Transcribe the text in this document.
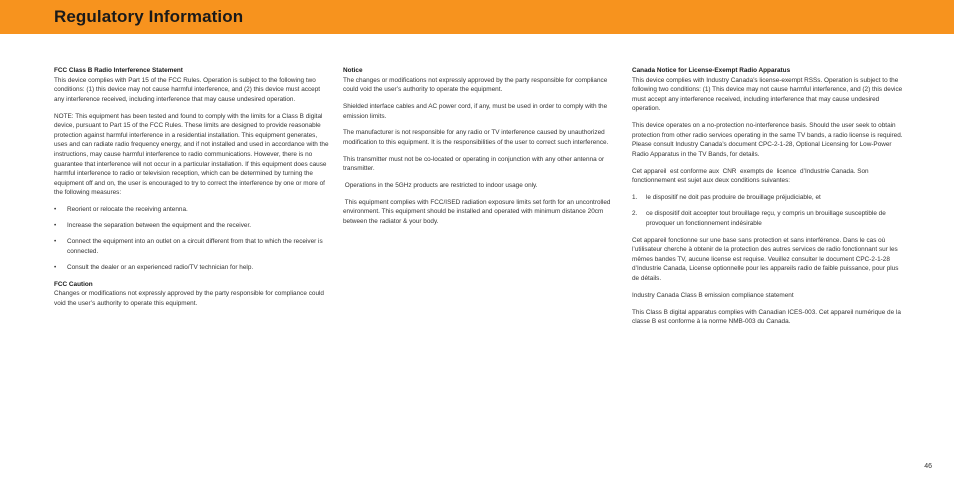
Regulatory Information
FCC Class B Radio Interference Statement

This device complies with Part 15 of the FCC Rules. Operation is subject to the following two conditions: (1) this device may not cause harmful interference, and (2) this device must accept any interference received, including interference that may cause undesired operation.

NOTE: This equipment has been tested and found to comply with the limits for a Class B digital device, pursuant to Part 15 of the FCC Rules. These limits are designed to provide reasonable protection against harmful interference in a residential installation. This equipment generates, uses and can radiate radio frequency energy, and if not installed and used in accordance with the instructions, may cause harmful interference to radio communications. However, there is no guarantee that interference will not occur in a particular installation. If this equipment does cause harmful interference to radio or television reception, which can be determined by turning the equipment off and on, the user is encouraged to try to correct the interference by one or more of the following measures:

• Reorient or relocate the receiving antenna.
• Increase the separation between the equipment and the receiver.
• Connect the equipment into an outlet on a circuit different from that to which the receiver is connected.
• Consult the dealer or an experienced radio/TV technician for help.
FCC Caution

Changes or modifications not expressly approved by the party responsible for compliance could void the user’s authority to operate this equipment.

Notice

The changes or modifications not expressly approved by the party responsible for compliance could void the user’s authority to operate the equipment.

Shielded interface cables and AC power cord, if any, must be used in order to comply with the emission limits.

The manufacturer is not responsible for any radio or TV interference caused by unauthorized modification to this equipment. It is the responsibilities of the user to correct such interference.

This transmitter must not be co-located or operating in conjunction with any other antenna or transmitter.

Operations in the 5GHz products are restricted to indoor usage only.

This equipment complies with FCC/ISED radiation exposure limits set forth for an uncontrolled environment. This equipment should be installed and operated with minimum distance 20cm between the radiator & your body.

Canada Notice for License-Exempt Radio Apparatus

This device complies with Industry Canada’s license-exempt RSSs. Operation is subject to the following two conditions: (1) This device may not cause harmful interference, and (2) this device must accept any interference received, including interference that may cause undesired operation.

This device operates on a no-protection no-interference basis. Should the user seek to obtain protection from other radio services operating in the same TV bands, a radio license is required. Please consult Industry Canada’s document CPC-2-1-28, Optional Licensing for Low-Power Radio Apparatus in the TV Bands, for details.

Cet appareil  est conforme aux  CNR  exempts de  licence  d’Industrie Canada. Son fonctionnement est sujet aux deux conditions suivantes:

1. le dispositif ne doit pas produire de brouillage préjudiciable, et
2. ce dispositif doit accepter tout brouillage reçu, y compris un brouillage susceptible de provoquer un fonctionnement indésirable

Cet appareil fonctionne sur une base sans protection et sans interférence. Dans le cas où l’utilisateur cherche à obtenir de la protection des autres services de radio fonctionnant sur les mêmes bandes TV, aucune license est requise. Veuillez consulter le document CPC-2-1-28 d’Industrie Canada, License optionnelle pour les appareils radio de faible puissance, pour plus de détails.

Industry Canada Class B emission compliance statement

This Class B digital apparatus complies with Canadian ICES-003. Cet appareil numérique de la classe B est conforme à la norme NMB-003 du Canada.

46
